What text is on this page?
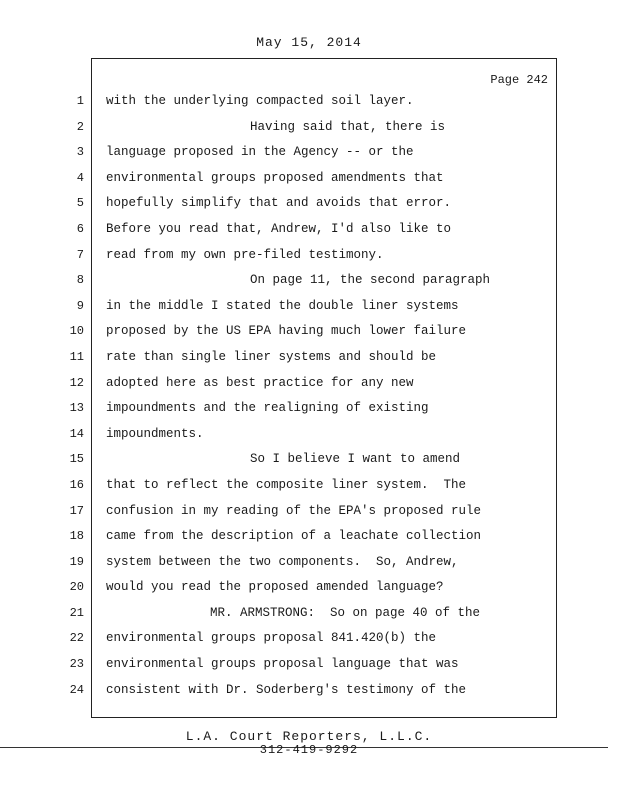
May 15, 2014
Page 242
1
2
3
4
5
6
7
8
9
10
11
12
13
14
15
16
17
18
19
20
21
22
23
24
with the underlying compacted soil layer.
Having said that, there is
language proposed in the Agency -- or the
environmental groups proposed amendments that
hopefully simplify that and avoids that error.
Before you read that, Andrew, I'd also like to
read from my own pre-filed testimony.
On page 11, the second paragraph
in the middle I stated the double liner systems
proposed by the US EPA having much lower failure
rate than single liner systems and should be
adopted here as best practice for any new
impoundments and the realigning of existing
impoundments.
So I believe I want to amend
that to reflect the composite liner system.  The
confusion in my reading of the EPA's proposed rule
came from the description of a leachate collection
system between the two components.  So, Andrew,
would you read the proposed amended language?
MR. ARMSTRONG:  So on page 40 of the
environmental groups proposal 841.420(b) the
environmental groups proposal language that was
consistent with Dr. Soderberg's testimony of the
L.A. Court Reporters, L.L.C.
312-419-9292
